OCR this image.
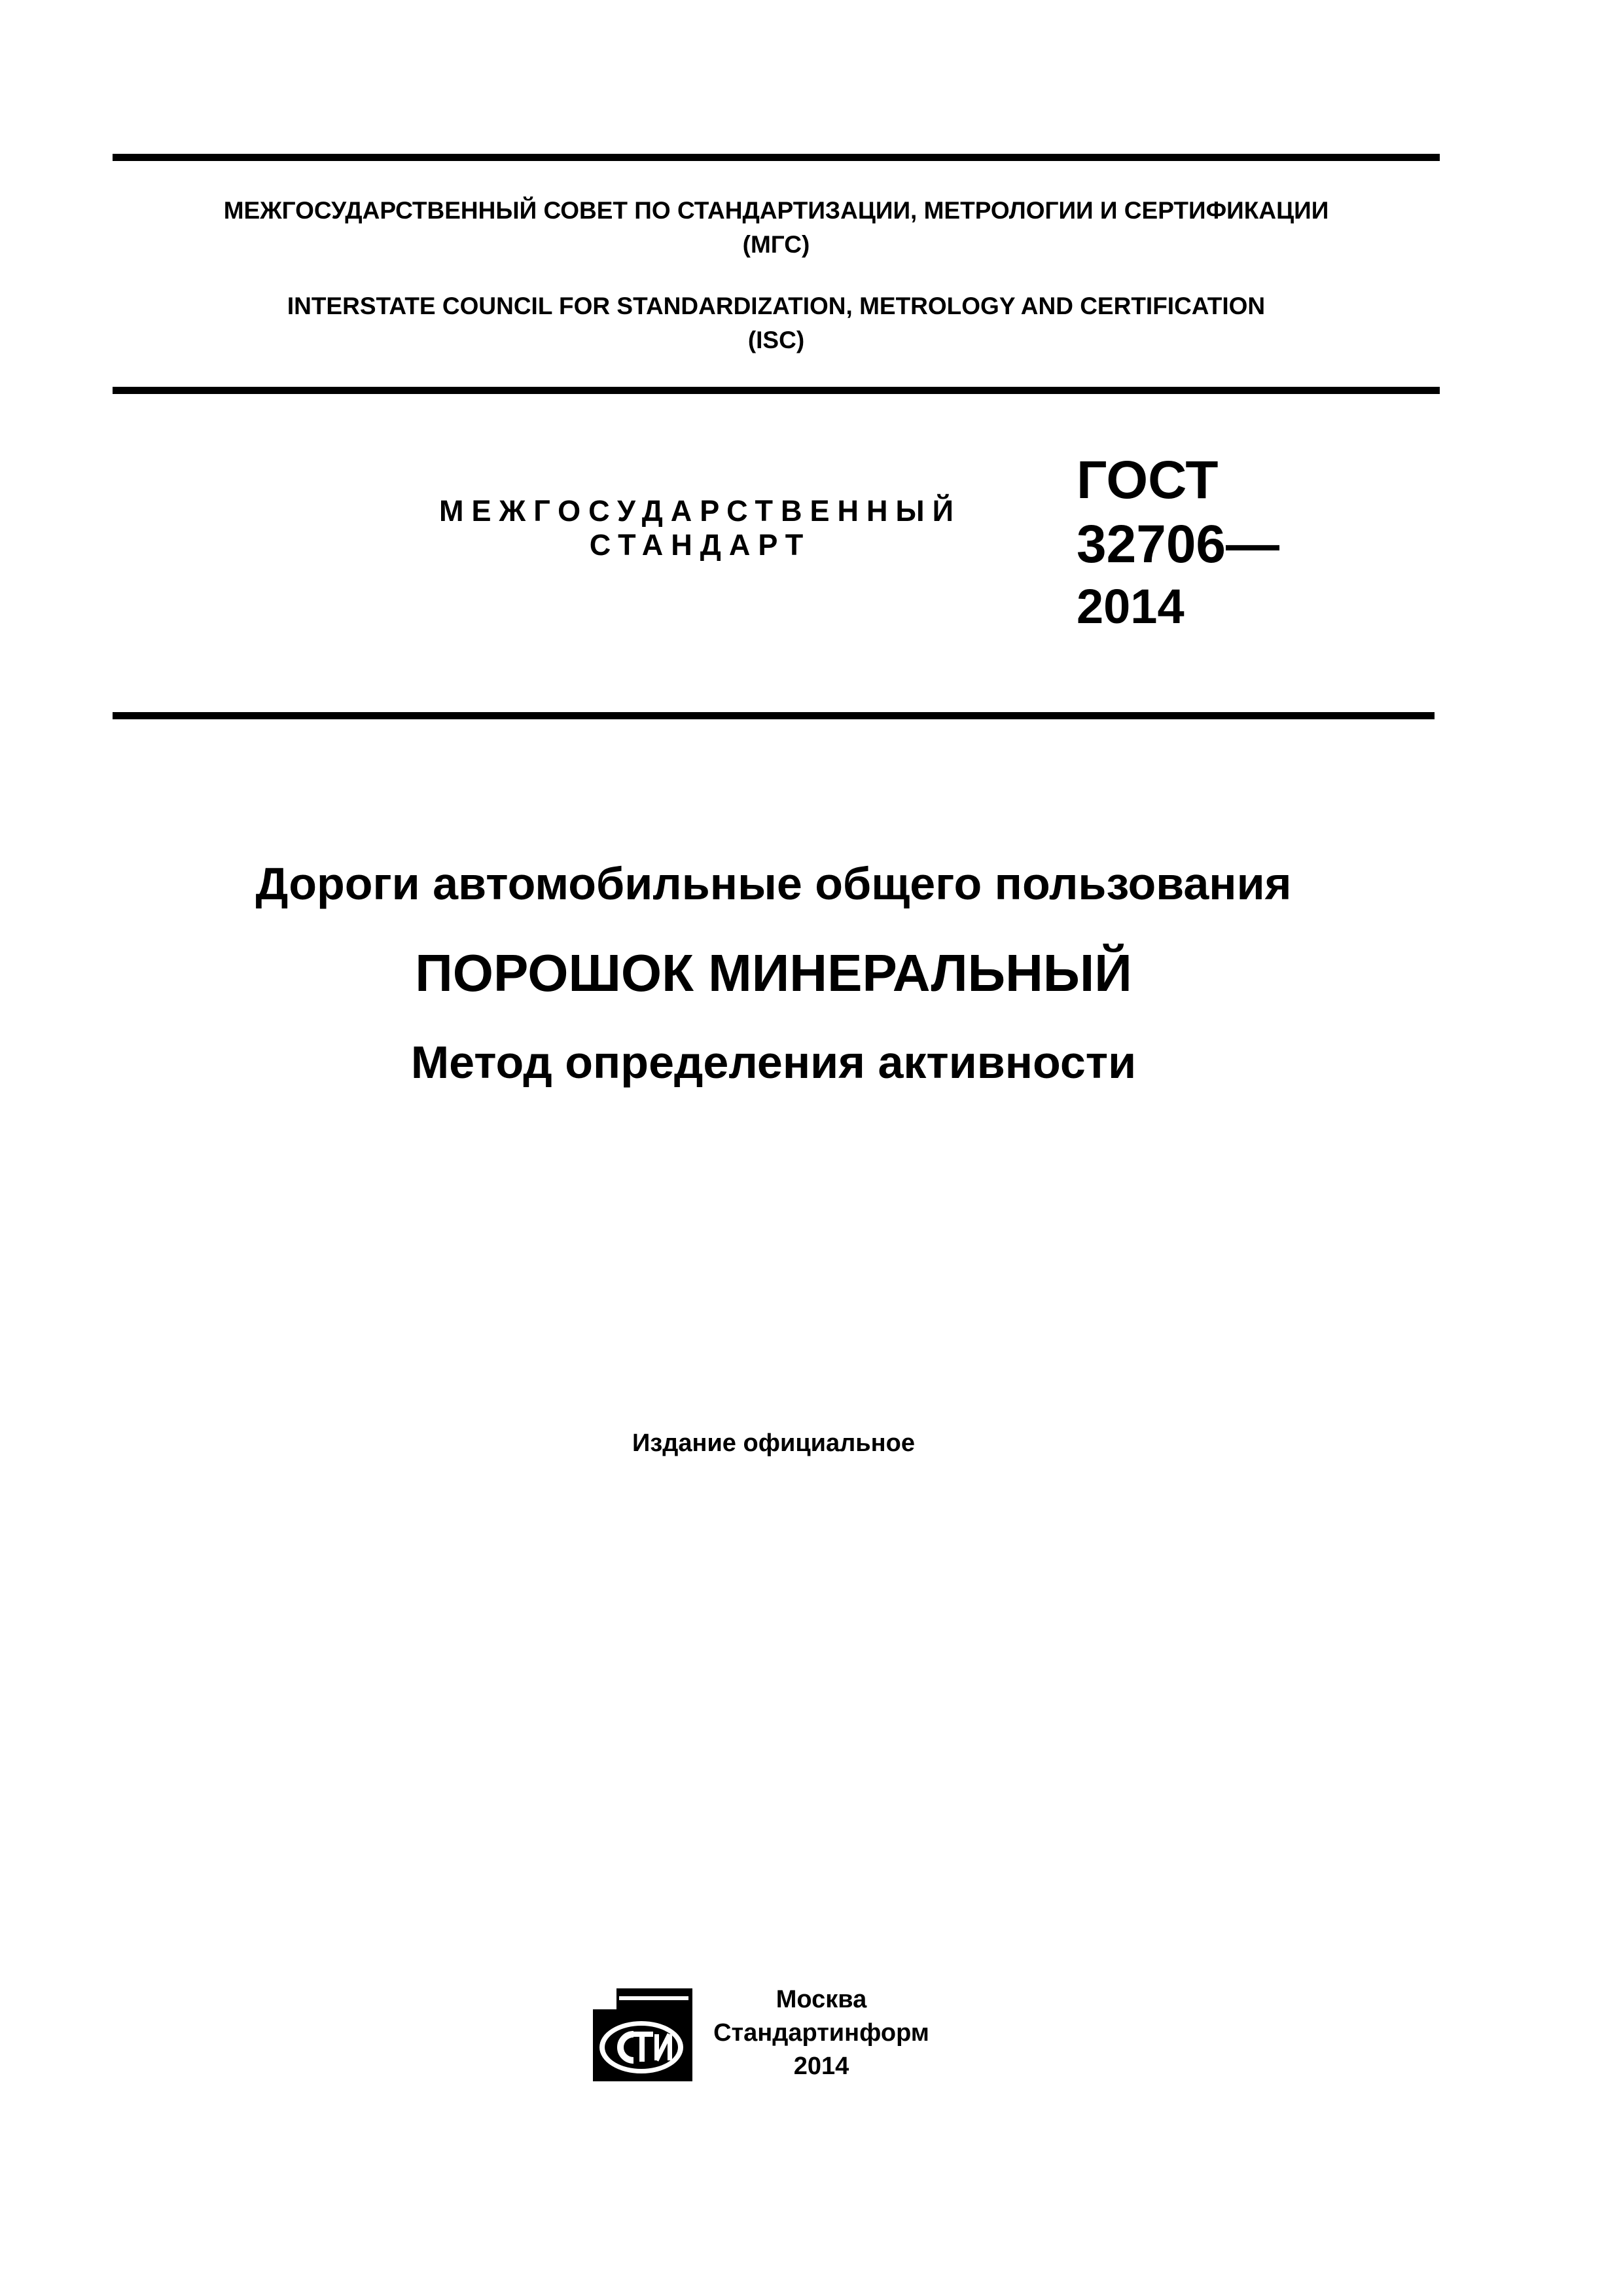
МЕЖГОСУДАРСТВЕННЫЙ СОВЕТ ПО СТАНДАРТИЗАЦИИ, МЕТРОЛОГИИ И СЕРТИФИКАЦИИ
(МГС)
INTERSTATE COUNCIL FOR STANDARDIZATION, METROLOGY AND CERTIFICATION
(ISC)
МЕЖГОСУДАРСТВЕННЫЙ
СТАНДАРТ
ГОСТ
32706—
2014
Дороги автомобильные общего пользования
ПОРОШОК МИНЕРАЛЬНЫЙ
Метод определения активности
Издание официальное
Москва
Стандартинформ
2014
